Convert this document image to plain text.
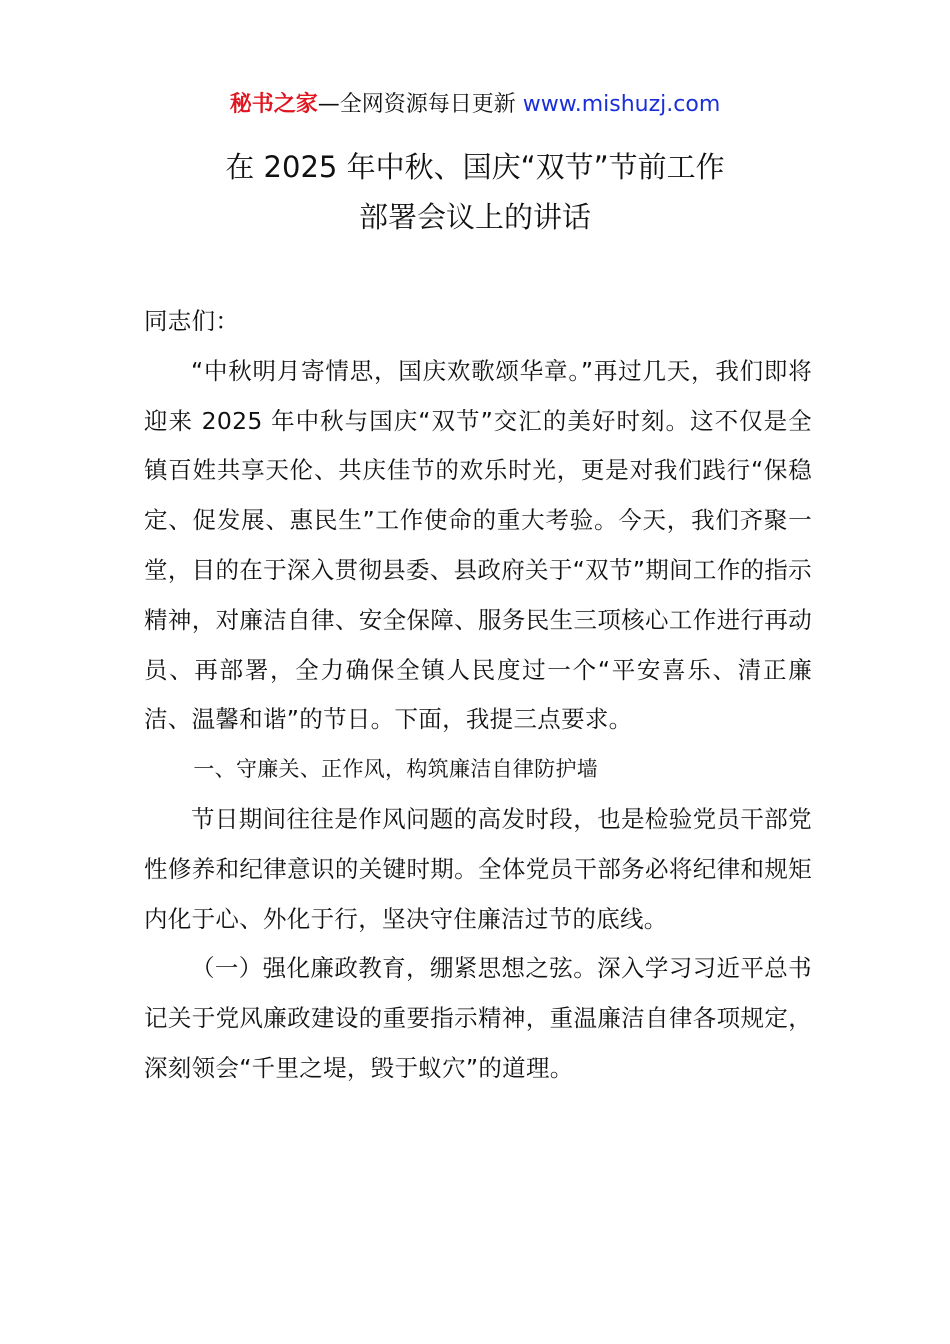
秘书之家—全网资源每日更新 www.mishuzj.com
在 2025 年中秋、国庆“双节”节前工作
部署会议上的讲话

同志们：

“中秋明月寄情思，国庆欢歌颂华章。”再过几天，我们即将迎来 2025 年中秋与国庆“双节”交汇的美好时刻。这不仅是全镇百姓共享天伦、共庆佳节的欢乐时光，更是对我们践行“保稳定、促发展、惠民生”工作使命的重大考验。今天，我们齐聚一堂，目的在于深入贯彻县委、县政府关于“双节”期间工作的指示精神，对廉洁自律、安全保障、服务民生三项核心工作进行再动员、再部署，全力确保全镇人民度过一个“平安喜乐、清正廉洁、温馨和谐”的节日。下面，我提三点要求。

一、守廉关、正作风，构筑廉洁自律防护墙

节日期间往往是作风问题的高发时段，也是检验党员干部党性修养和纪律意识的关键时期。全体党员干部务必将纪律和规矩内化于心、外化于行，坚决守住廉洁过节的底线。

（一）强化廉政教育，绷紧思想之弦。深入学习习近平总书记关于党风廉政建设的重要指示精神，重温廉洁自律各项规定，深刻领会“千里之堤，毁于蚁穴”的道理。
